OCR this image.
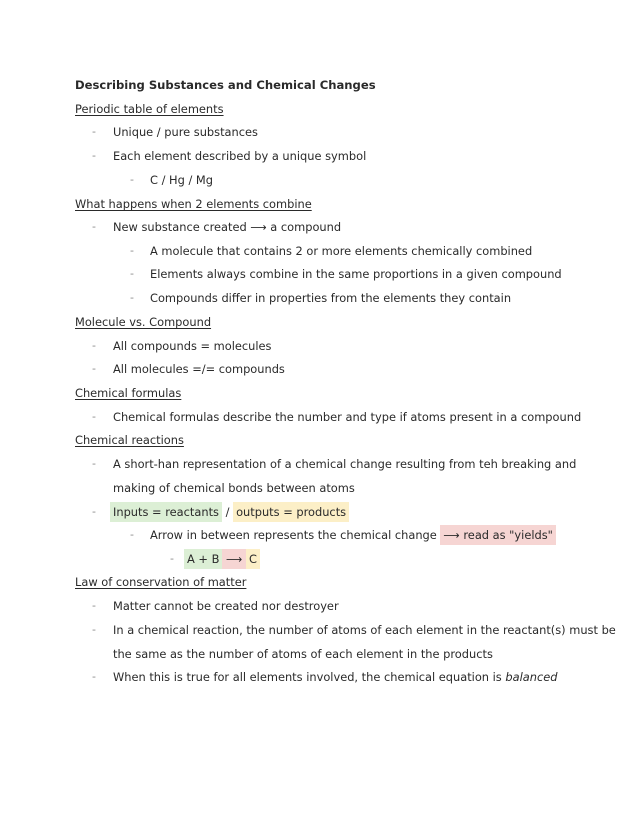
Describing Substances and Chemical Changes
Periodic table of elements
- Unique / pure substances
- Each element described by a unique symbol
- C / Hg / Mg
What happens when 2 elements combine
- New substance created ⟶ a compound
- A molecule that contains 2 or more elements chemically combined
- Elements always combine in the same proportions in a given compound
- Compounds differ in properties from the elements they contain
Molecule vs. Compound
- All compounds = molecules
- All molecules =/= compounds
Chemical formulas
- Chemical formulas describe the number and type if atoms present in a compound
Chemical reactions
- A short-han representation of a chemical change resulting from teh breaking and
making of chemical bonds between atoms
- Inputs = reactants / outputs = products
- Arrow in between represents the chemical change ⟶ read as "yields"
- A + B ⟶ C
Law of conservation of matter
- Matter cannot be created nor destroyer
- In a chemical reaction, the number of atoms of each element in the reactant(s) must be
the same as the number of atoms of each element in the products
- When this is true for all elements involved, the chemical equation is balanced
